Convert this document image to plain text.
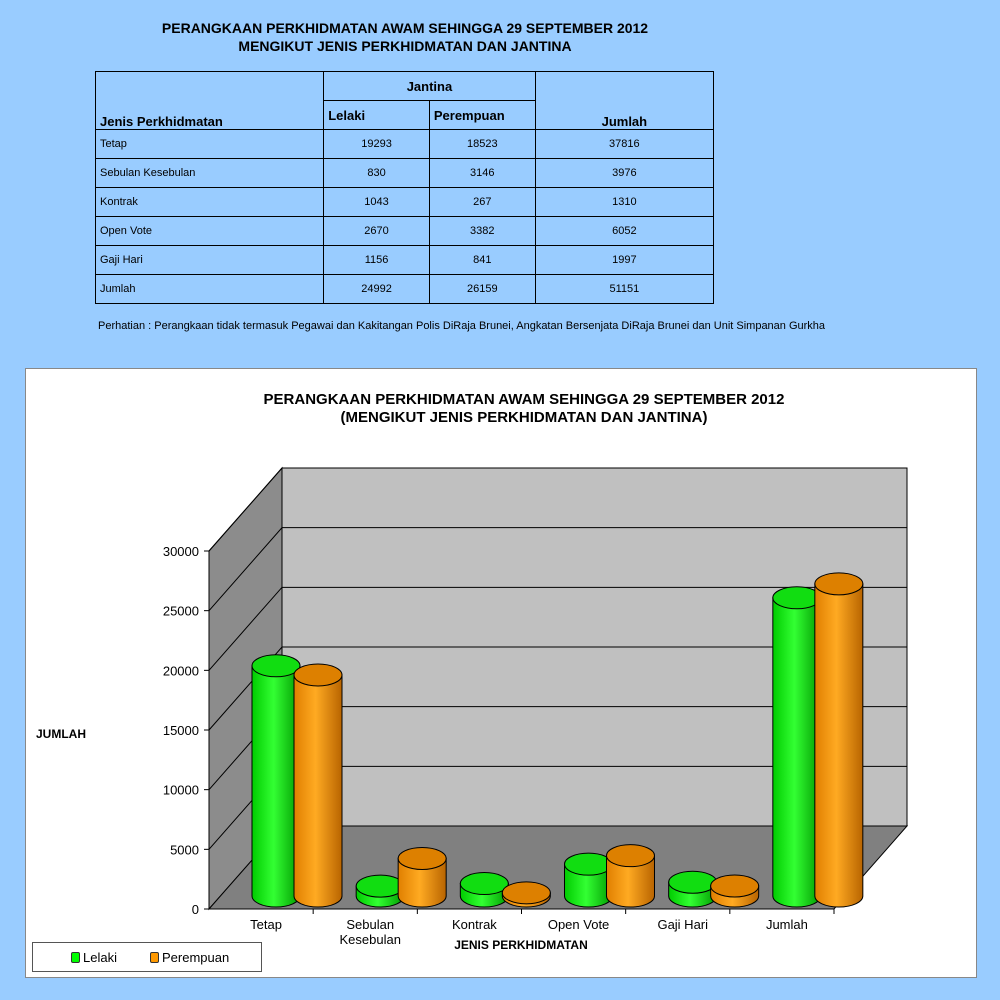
PERANGKAAN PERKHIDMATAN AWAM SEHINGGA 29 SEPTEMBER 2012
MENGIKUT JENIS PERKHIDMATAN DAN JANTINA
Jenis Perkhidmatan	Jantina		Jumlah
	Lelaki	Perempuan	
Tetap	19293	18523	37816
Sebulan Kesebulan	830	3146	3976
Kontrak	1043	267	1310
Open Vote	2670	3382	6052
Gaji Hari	1156	841	1997
Jumlah	24992	26159	51151
Perhatian : Perangkaan tidak termasuk Pegawai dan Kakitangan Polis DiRaja Brunei, Angkatan Bersenjata DiRaja Brunei dan Unit Simpanan Gurkha
0
5000
10000
15000
20000
25000
30000
Tetap	Sebulan
Kesebulan
Kontrak	Open Vote	Gaji Hari	Jumlah
JENIS PERKHIDMATAN
PERANGKAAN PERKHIDMATAN AWAM SEHINGGA 29 SEPTEMBER 2012
(MENGIKUT JENIS PERKHIDMATAN DAN JANTINA)
JUMLAH
Lelaki	Perempuan
